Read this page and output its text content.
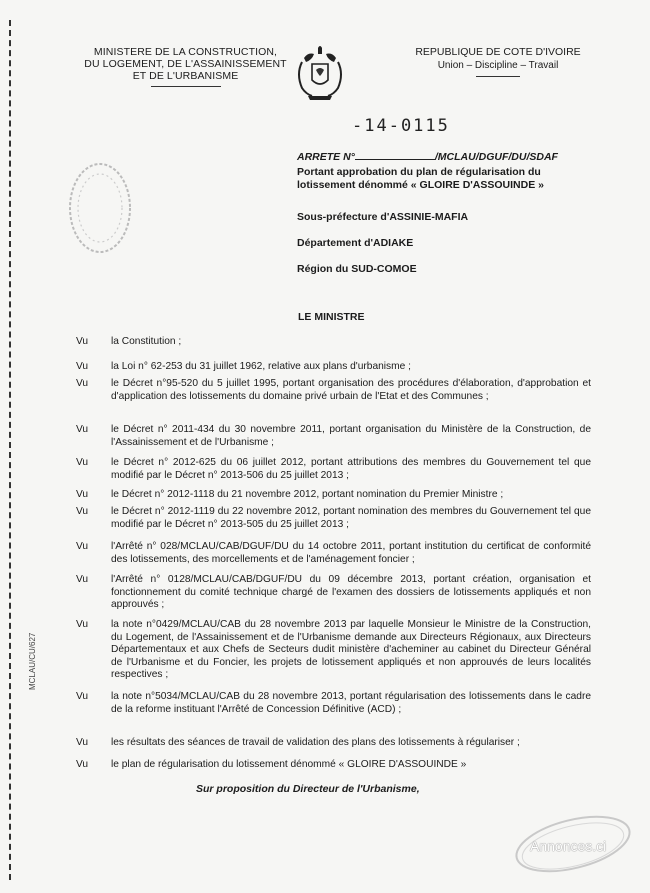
MCLAU/CU/627
MINISTERE DE LA CONSTRUCTION,
DU LOGEMENT, DE L'ASSAINISSEMENT
ET DE L'URBANISME
REPUBLIQUE DE COTE D'IVOIRE
Union – Discipline – Travail
-14-0115
ARRETE N°	/MCLAU/DGUF/DU/SDAF
Portant approbation du plan de régularisation du lotissement dénommé « GLOIRE D'ASSOUINDE »
Sous-préfecture d'ASSINIE-MAFIA
Département d'ADIAKE
Région du SUD-COMOE
LE MINISTRE
Vu la Constitution ;
Vu la Loi n° 62-253 du 31 juillet 1962, relative aux plans d'urbanisme ;
Vu le Décret n°95-520 du 5 juillet 1995, portant organisation des procédures d'élaboration, d'approbation et d'application des lotissements du domaine privé urbain de l'Etat et des Communes ;
Vu le Décret n° 2011-434 du 30 novembre 2011, portant organisation du Ministère de la Construction, de l'Assainissement et de l'Urbanisme ;
Vu le Décret n° 2012-625 du 06 juillet 2012, portant attributions des membres du Gouvernement tel que modifié par le Décret n° 2013-506 du 25 juillet 2013 ;
Vu le Décret n° 2012-1118 du 21 novembre 2012, portant nomination du Premier Ministre ;
Vu le Décret n° 2012-1119 du 22 novembre 2012, portant nomination des membres du Gouvernement tel que modifié par le Décret n° 2013-505 du 25 juillet 2013 ;
Vu l'Arrêté n° 028/MCLAU/CAB/DGUF/DU du 14 octobre 2011, portant institution du certificat de conformité des lotissements, des morcellements et de l'aménagement foncier ;
Vu l'Arrêté n° 0128/MCLAU/CAB/DGUF/DU du 09 décembre 2013, portant création, organisation et fonctionnement du comité technique chargé de l'examen des dossiers de lotissements appliqués et non approuvés ;
Vu la note n°0429/MCLAU/CAB du 28 novembre 2013 par laquelle Monsieur le Ministre de la Construction, du Logement, de l'Assainissement et de l'Urbanisme demande aux Directeurs Régionaux, aux Directeurs Départementaux et aux Chefs de Secteurs dudit ministère d'acheminer au cabinet du Directeur Général de l'Urbanisme et du Foncier, les projets de lotissement appliqués et non approuvés de leurs localités respectives ;
Vu la note n°5034/MCLAU/CAB du 28 novembre 2013, portant régularisation des lotissements dans le cadre de la reforme instituant l'Arrêté de Concession Définitive (ACD) ;
Vu les résultats des séances de travail de validation des plans des lotissements à régulariser ;
Vu le plan de régularisation du lotissement dénommé « GLOIRE D'ASSOUINDE »
Sur proposition du Directeur de l'Urbanisme,
Annonces.ci
